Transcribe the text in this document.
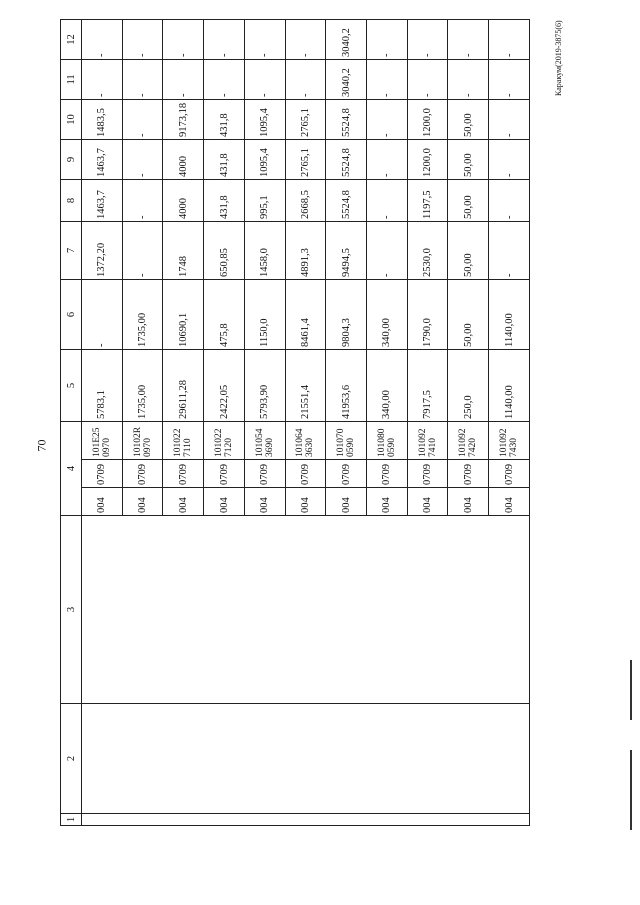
70
Каракум(2019-3875(6)
1	2	3	4			5	6	7	8	9	10	11	12
			004	0709	101E25 0970	5783,1	-	1372,20	1463,7	1463,7	1483,5	-	-
			004	0709	10102R 0970	1735,00	1735,00	-	-	-	-	-	-
			004	0709	101022 7110	29611,28	10690,1	1748	4000	4000	9173,18	-	-
			004	0709	101022 7120	2422,05	475,8	650,85	431,8	431,8	431,8	-	-
			004	0709	101054 3690	5793,90	1150,0	1458,0	995,1	1095,4	1095,4	-	-
			004	0709	101064 3630	21551,4	8461,4	4891,3	2668,5	2765,1	2765,1	-	-
			004	0709	101070 0590	41953,6	9804,3	9494,5	5524,8	5524,8	5524,8	3040,2	3040,2
			004	0709	101080 0590	340,00	340,00	-	-	-	-	-	-
			004	0709	101092 7410	7917,5	1790,0	2530,0	1197,5	1200,0	1200,0	-	-
			004	0709	101092 7420	250,0	50,00	50,00	50,00	50,00	50,00	-	-
			004	0709	101092 7430	1140,00	1140,00	-	-	-	-	-	-
